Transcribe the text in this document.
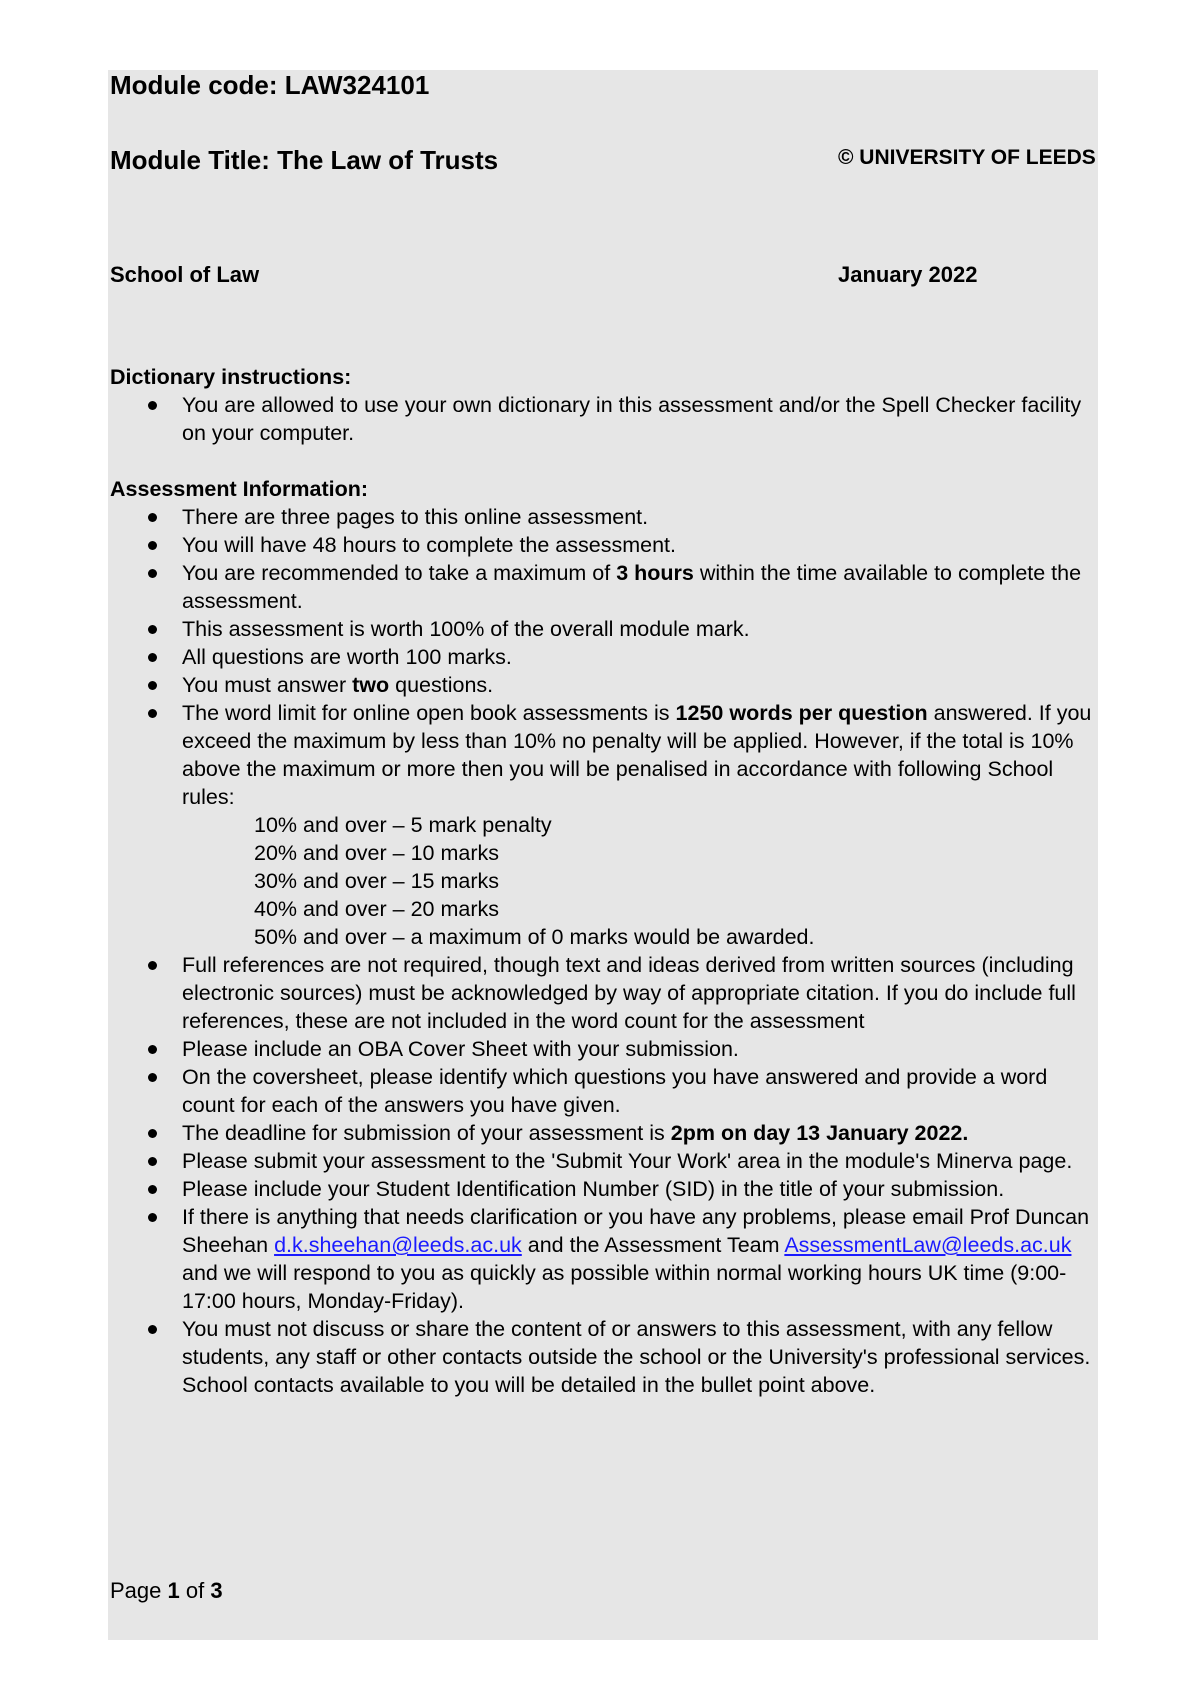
Module code: LAW324101
Module Title: The Law of Trusts	© UNIVERSITY OF LEEDS
School of Law	January 2022
Dictionary instructions:
You are allowed to use your own dictionary in this assessment and/or the Spell Checker facility on your computer.
Assessment Information:
There are three pages to this online assessment.
You will have 48 hours to complete the assessment.
You are recommended to take a maximum of 3 hours within the time available to complete the assessment.
This assessment is worth 100% of the overall module mark.
All questions are worth 100 marks.
You must answer two questions.
The word limit for online open book assessments is 1250 words per question answered. If you exceed the maximum by less than 10% no penalty will be applied. However, if the total is 10% above the maximum or more then you will be penalised in accordance with following School rules:
10% and over – 5 mark penalty
20% and over – 10 marks
30% and over – 15 marks
40% and over – 20 marks
50% and over – a maximum of 0 marks would be awarded.
Full references are not required, though text and ideas derived from written sources (including electronic sources) must be acknowledged by way of appropriate citation. If you do include full references, these are not included in the word count for the assessment
Please include an OBA Cover Sheet with your submission.
On the coversheet, please identify which questions you have answered and provide a word count for each of the answers you have given.
The deadline for submission of your assessment is 2pm on day 13 January 2022.
Please submit your assessment to the 'Submit Your Work' area in the module's Minerva page.
Please include your Student Identification Number (SID) in the title of your submission.
If there is anything that needs clarification or you have any problems, please email Prof Duncan Sheehan d.k.sheehan@leeds.ac.uk and the Assessment Team AssessmentLaw@leeds.ac.uk and we will respond to you as quickly as possible within normal working hours UK time (9:00-17:00 hours, Monday-Friday).
You must not discuss or share the content of or answers to this assessment, with any fellow students, any staff or other contacts outside the school or the University's professional services. School contacts available to you will be detailed in the bullet point above.
Page 1 of 3
